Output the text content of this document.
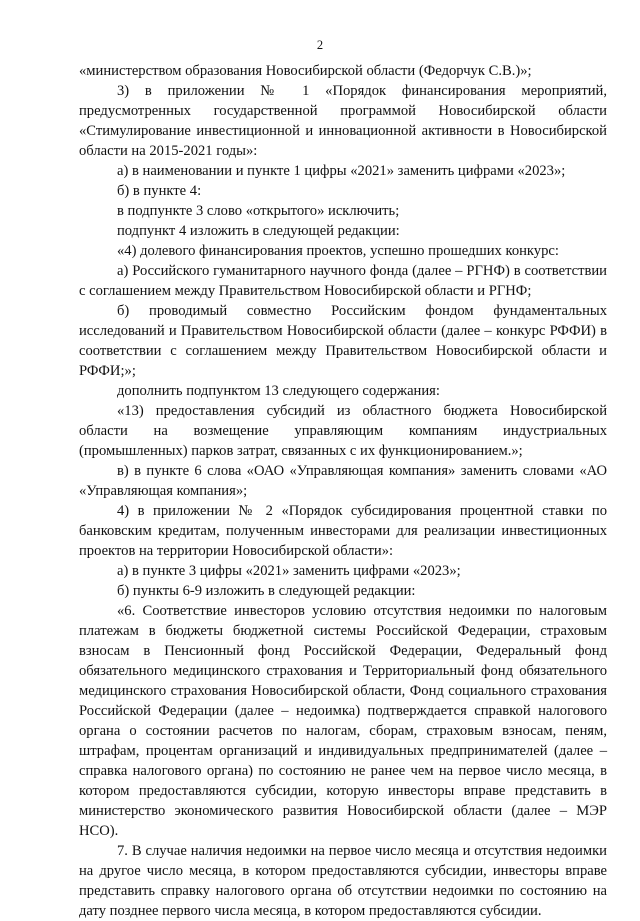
2

«министерством образования Новосибирской области (Федорчук С.В.)»;

3) в приложении № 1 «Порядок финансирования мероприятий, предусмотренных государственной программой Новосибирской области «Стимулирование инвестиционной и инновационной активности в Новосибирской области на 2015-2021 годы»:

а) в наименовании и пункте 1 цифры «2021» заменить цифрами «2023»;

б) в пункте 4:

в подпункте 3 слово «открытого» исключить;

подпункт 4 изложить в следующей редакции:

«4) долевого финансирования проектов, успешно прошедших конкурс:

а) Российского гуманитарного научного фонда (далее – РГНФ) в соответствии с соглашением между Правительством Новосибирской области и РГНФ;

б) проводимый совместно Российским фондом фундаментальных исследований и Правительством Новосибирской области (далее – конкурс РФФИ) в соответствии с соглашением между Правительством Новосибирской области и РФФИ;»;

дополнить подпунктом 13 следующего содержания:

«13) предоставления субсидий из областного бюджета Новосибирской области на возмещение управляющим компаниям индустриальных (промышленных) парков затрат, связанных с их функционированием.»;

в) в пункте 6 слова «ОАО «Управляющая компания» заменить словами «АО «Управляющая компания»;

4) в приложении № 2 «Порядок субсидирования процентной ставки по банковским кредитам, полученным инвесторами для реализации инвестиционных проектов на территории Новосибирской области»:

а) в пункте 3 цифры «2021» заменить цифрами «2023»;

б) пункты 6-9 изложить в следующей редакции:

«6. Соответствие инвесторов условию отсутствия недоимки по налоговым платежам в бюджеты бюджетной системы Российской Федерации, страховым взносам в Пенсионный фонд Российской Федерации, Федеральный фонд обязательного медицинского страхования и Территориальный фонд обязательного медицинского страхования Новосибирской области, Фонд социального страхования Российской Федерации (далее – недоимка) подтверждается справкой налогового органа о состоянии расчетов по налогам, сборам, страховым взносам, пеням, штрафам, процентам организаций и индивидуальных предпринимателей (далее – справка налогового органа) по состоянию не ранее чем на первое число месяца, в котором предоставляются субсидии, которую инвесторы вправе представить в министерство экономического развития Новосибирской области (далее – МЭР НСО).

7. В случае наличия недоимки на первое число месяца и отсутствия недоимки на другое число месяца, в котором предоставляются субсидии, инвесторы вправе представить справку налогового органа об отсутствии недоимки по состоянию на дату позднее первого числа месяца, в котором предоставляются субсидии.
